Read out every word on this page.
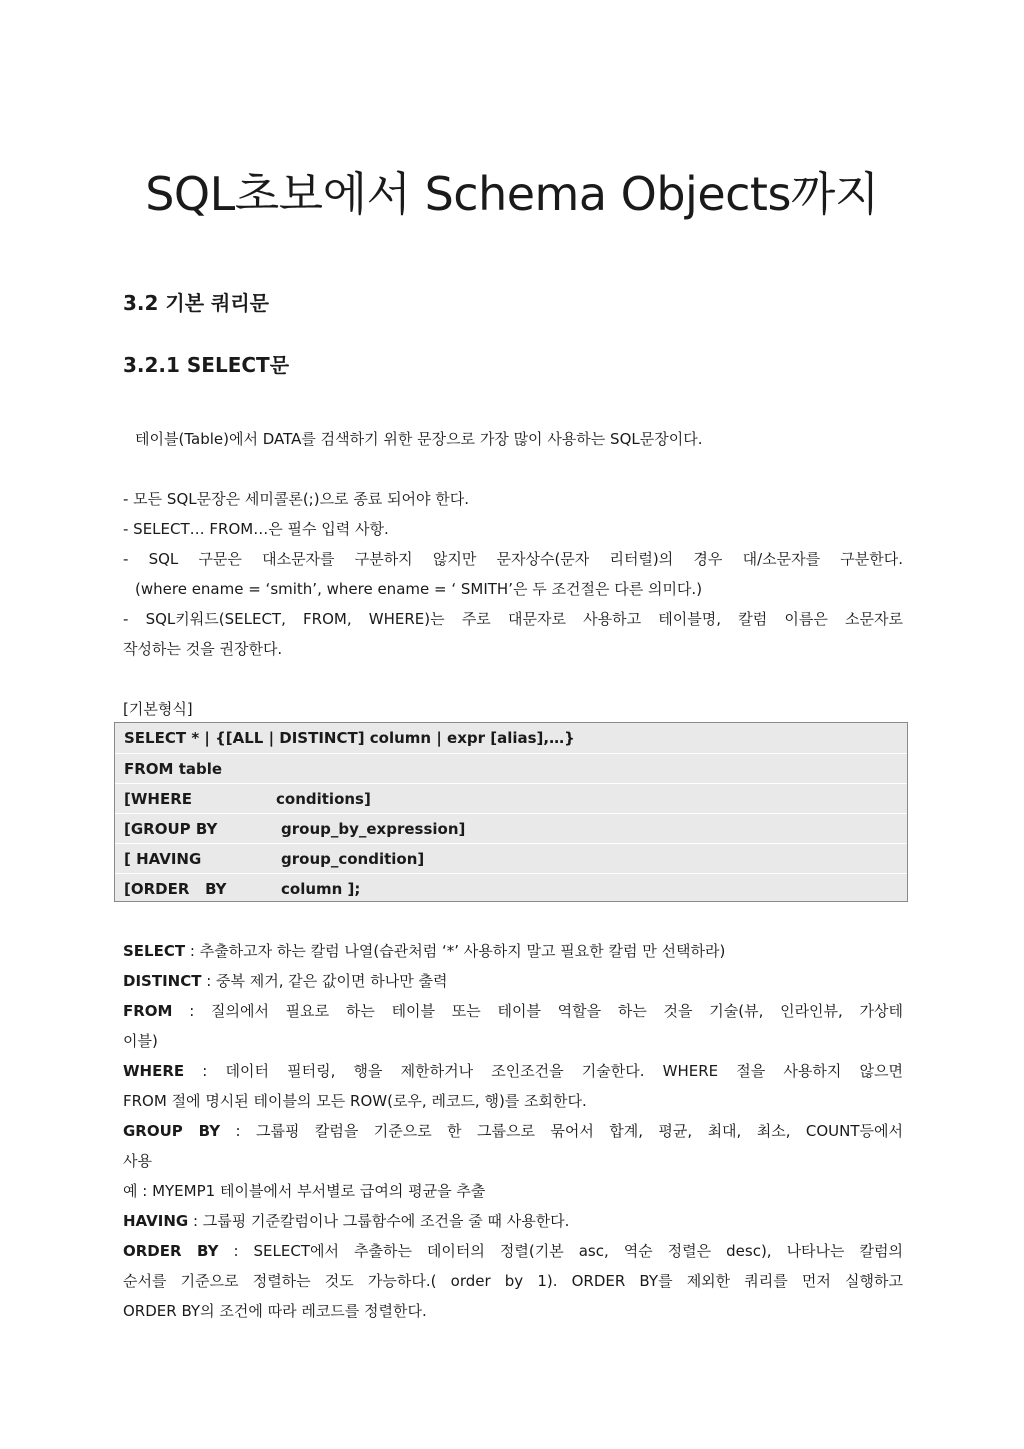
SQL초보에서 Schema Objects까지
3.2 기본 쿼리문
3.2.1 SELECT문
테이블(Table)에서 DATA를 검색하기 위한 문장으로 가장 많이 사용하는 SQL문장이다.
- 모든 SQL문장은 세미콜론(;)으로 종료 되어야 한다.
- SELECT… FROM…은 필수 입력 사항.
- SQL 구문은 대소문자를 구분하지 않지만 문자상수(문자 리터럴)의 경우 대/소문자를 구분한다.
(where ename = ‘smith’, where ename = ‘ SMITH’은 두 조건절은 다른 의미다.)
- SQL키워드(SELECT, FROM, WHERE)는 주로 대문자로 사용하고 테이블명, 칼럼 이름은 소문자로
작성하는 것을 권장한다.
[기본형식]
SELECT * | {[ALL | DISTINCT] column | expr [alias],…}
FROM table
[WHERE	conditions]
[GROUP BY	group_by_expression]
[ HAVING	group_condition]
[ORDER   BY	column ];
SELECT : 추출하고자 하는 칼럼 나열(습관처럼 ‘*’ 사용하지 말고 필요한 칼럼 만 선택하라)
DISTINCT : 중복 제거, 같은 값이면 하나만 출력
FROM : 질의에서 필요로 하는 테이블 또는 테이블 역할을 하는 것을 기술(뷰, 인라인뷰, 가상테
이블)
WHERE : 데이터 필터링, 행을 제한하거나 조인조건을 기술한다. WHERE 절을 사용하지 않으면
FROM 절에 명시된 테이블의 모든 ROW(로우, 레코드, 행)를 조회한다.
GROUP BY : 그룹핑 칼럼을 기준으로 한 그룹으로 묶어서 합계, 평균, 최대, 최소, COUNT등에서
사용
예 : MYEMP1 테이블에서 부서별로 급여의 평균을 추출
HAVING : 그룹핑 기준칼럼이나 그룹함수에 조건을 줄 때 사용한다.
ORDER BY : SELECT에서 추출하는 데이터의 정렬(기본 asc, 역순 정렬은 desc), 나타나는 칼럼의
순서를 기준으로 정렬하는 것도 가능하다.( order by 1). ORDER BY를 제외한 쿼리를 먼저 실행하고
ORDER BY의 조건에 따라 레코드를 정렬한다.
